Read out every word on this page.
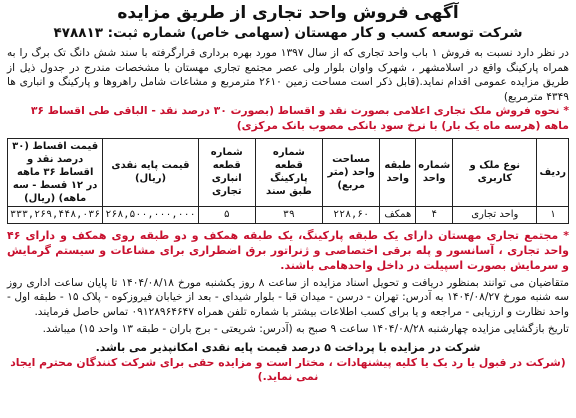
آگهی فروش واحد تجاری از طریق مزایده
شرکت توسعه کسب و کار مهستان (سهامی خاص) شماره ثبت: ۴۷۸۸۱۳
در نظر دارد نسبت به فروش ۱ باب واحد تجاری که از سال ۱۳۹۷ مورد بهره برداری قرارگرفته با سند شش دانگ تک برگ را به همراه پارکینگ واقع در اسلامشهر ، شهرک واوان بلوار ولی عصر مجتمع تجاری مهستان با مشخصات مندرج در جدول ذیل از طریق مزایده عمومی اقدام نماید.(قابل ذکر است مساحت زمین ۲۶۱۰ مترمربع و مشاعات شامل راهروها و پارکینگ و انباری ها ۴۳۴۹ مترمربع)
* نحوه فروش ملک تجاری اعلامی بصورت نقد و اقساط (بصورت ۳۰ درصد نقد - الباقی طی اقساط ۳۶ ماهه (هرسه ماه یک بار) با نرخ سود بانکی مصوب بانک مرکزی)
ردیف	نوع ملک و کاربری	شماره واحد	طبقه واحد	مساحت واحد (متر مربع)	شماره قطعه پارکینگ طبق سند	شماره قطعه انباری تجاری	قیمت پایه نقدی (ریال)	قیمت اقساط (۳۰ درصد نقد و اقساط ۳۶ ماهه در ۱۲ قسط - سه ماهه) (ریال)
۱	واحد تجاری	۴	همکف	۲۲۸,۶۰	۳۹	۵	۲۶۸,۵۰۰,۰۰۰,۰۰۰	۳۳۳,۲۶۹,۴۴۸,۰۳۶
* مجتمع تجاری مهستان دارای یک طبقه پارکینگ، یک طبقه همکف و دو طبقه روی همکف و دارای ۴۶ واحد تجاری ، آسانسور و پله برقی اختصاصی و ژنراتور برق اضطراری برای مشاعات و سیستم گرمایش و سرمایش بصورت اسپیلت در داخل واحدهامی باشند.
متقاضیان می توانند بمنظور دریافت و تحویل اسناد مزایده از ساعت ۸ روز یکشنبه مورخ ۱۴۰۴/۰۸/۱۸ تا پایان ساعت اداری روز سه شنبه مورخ ۱۴۰۴/۰۸/۲۷ به آدرس: تهران - درسن - میدان قبا - بلوار شیدای - بعد از خیابان فیروزکوه - پلاک ۱۵ - طبقه اول - واحد نظارت و ارزیابی - مراجعه و یا برای کسب اطلاعات بیشتر با شماره تلفن همراه ۰۹۱۲۸۹۶۴۶۴۷ تماس حاصل فرمایند.
تاریخ بازگشایی مزایده چهارشنبه ۱۴۰۴/۰۸/۲۸ ساعت ۹ صبح به (آدرس: شریعتی - برج باران - طبقه ۱۳ واحد ۱۵) میباشد.
شرکت در مزایده با پرداخت ۵ درصد قیمت پایه نقدی امکانپذیر می باشد.
(شرکت در قبول یا رد یک یا کلیه پیشنهادات ، مختار است و مزایده حقی برای شرکت کنندگان محترم ایجاد نمی نماید.)
